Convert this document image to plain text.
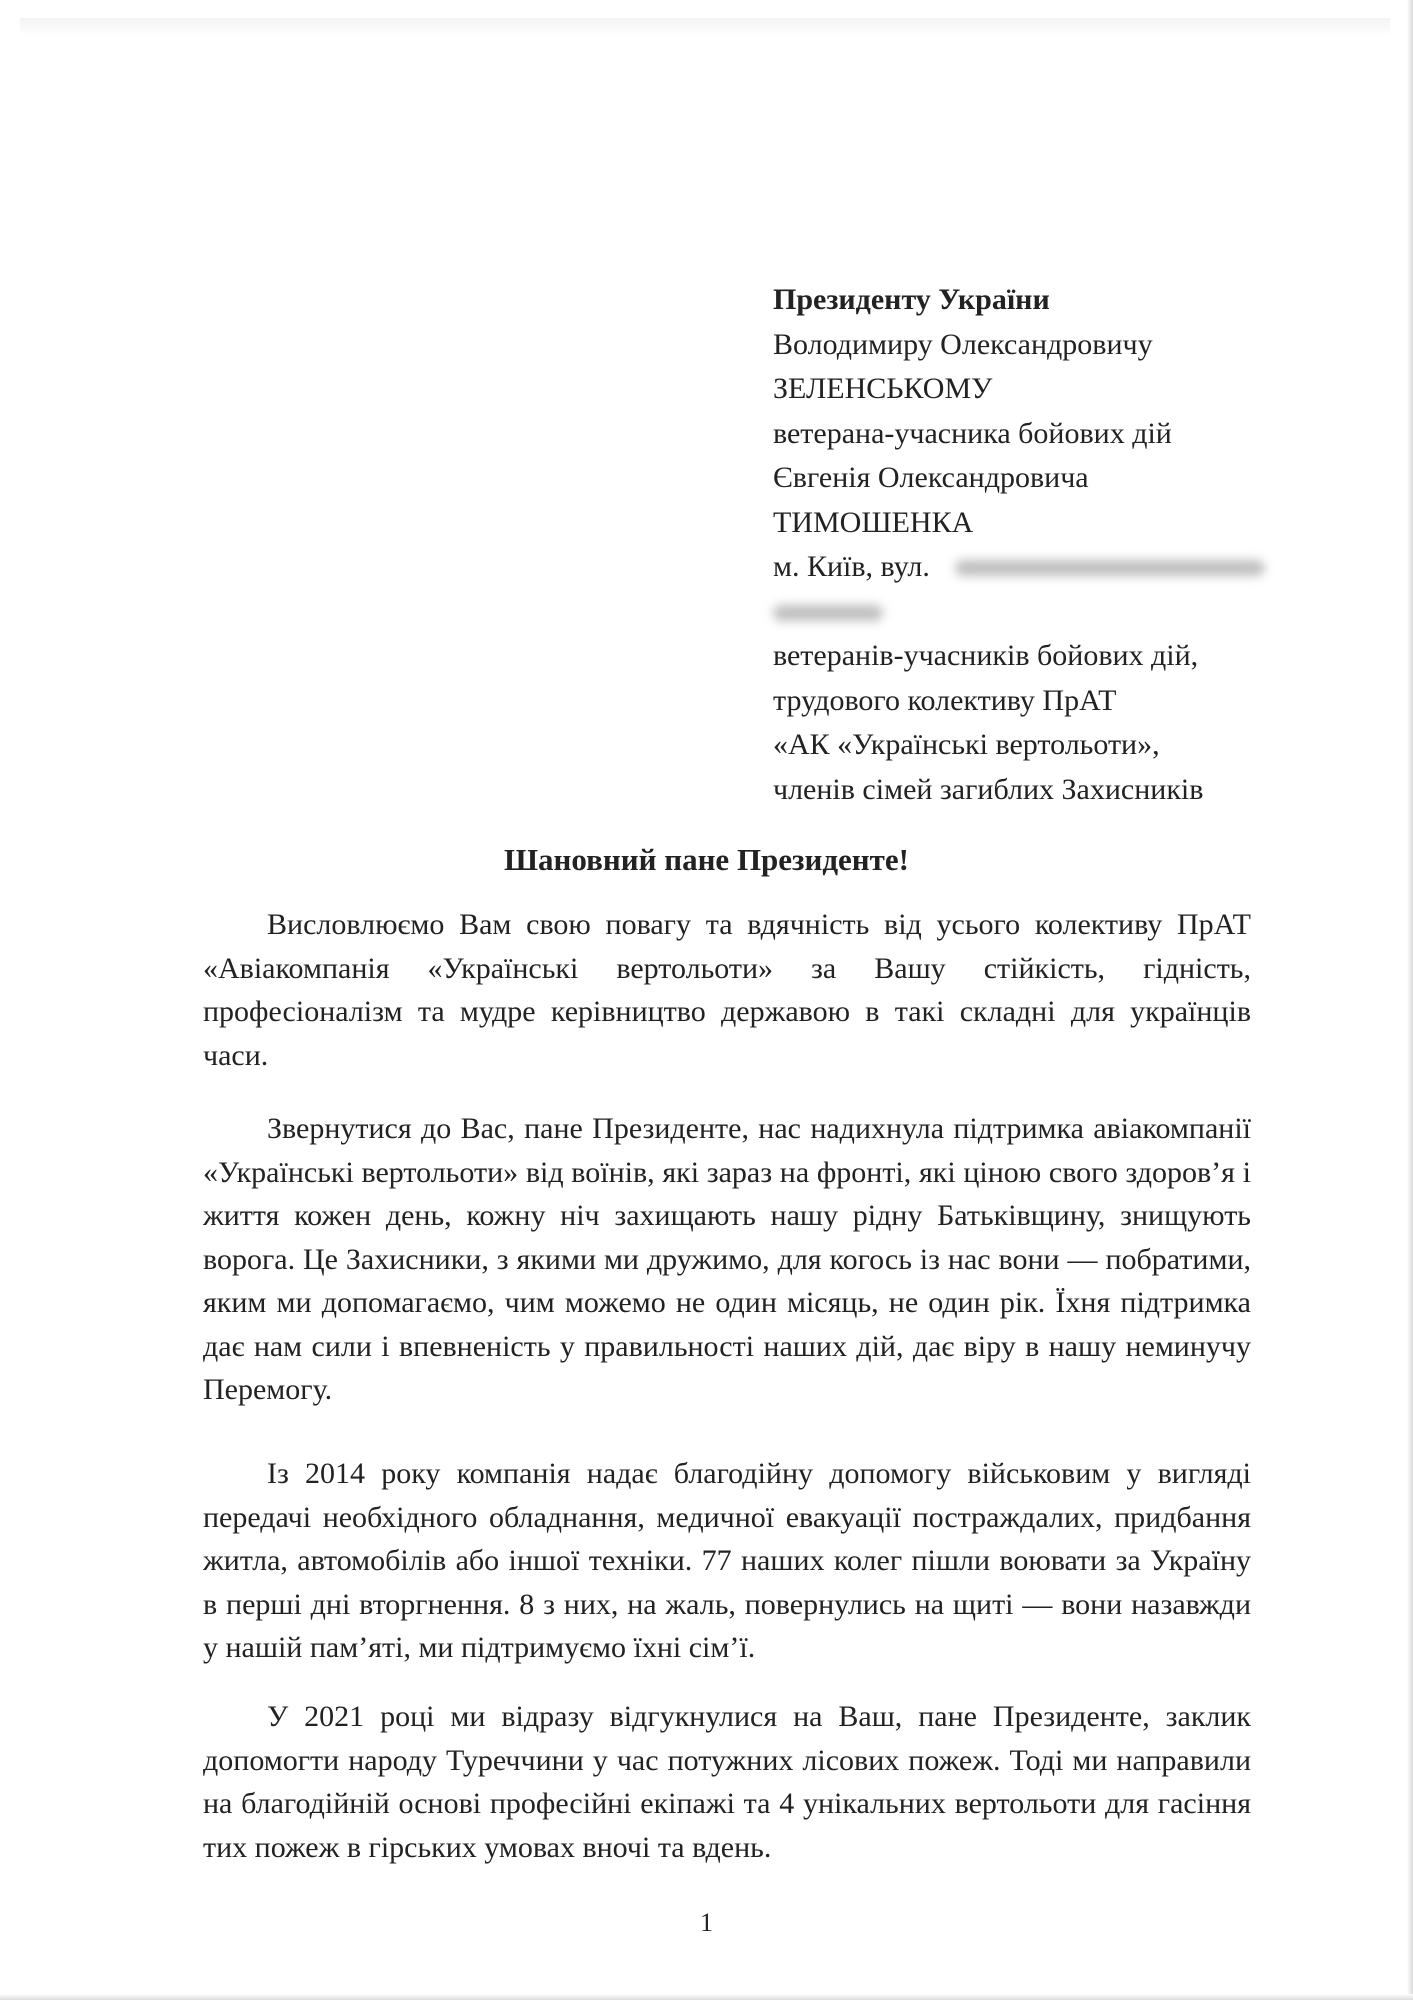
Президенту України
Володимиру Олександровичу
ЗЕЛЕНСЬКОМУ
ветерана-учасника бойових дій
Євгенія Олександровича
ТИМОШЕНКА
м. Київ, вул.
ветеранів-учасників бойових дій,
трудового колективу ПрАТ
«АК «Українські вертольоти»,
членів сімей загиблих Захисників
Шановний пане Президенте!

Висловлюємо Вам свою повагу та вдячність від усього колективу ПрАТ «Авіакомпанія «Українські вертольоти» за Вашу стійкість, гідність, професіоналізм та мудре керівництво державою в такі складні для українців часи.

Звернутися до Вас, пане Президенте, нас надихнула підтримка авіакомпанії «Українські вертольоти» від воїнів, які зараз на фронті, які ціною свого здоров’я і життя кожен день, кожну ніч захищають нашу рідну Батьківщину, знищують ворога. Це Захисники, з якими ми дружимо, для когось із нас вони — побратими, яким ми допомагаємо, чим можемо не один місяць, не один рік. Їхня підтримка дає нам сили і впевненість у правильності наших дій, дає віру в нашу неминучу Перемогу.

Із 2014 року компанія надає благодійну допомогу військовим у вигляді передачі необхідного обладнання, медичної евакуації постраждалих, придбання житла, автомобілів або іншої техніки. 77 наших колег пішли воювати за Україну в перші дні вторгнення. 8 з них, на жаль, повернулись на щиті — вони назавжди у нашій пам’яті, ми підтримуємо їхні сім’ї.

У 2021 році ми відразу відгукнулися на Ваш, пане Президенте, заклик допомогти народу Туреччини у час потужних лісових пожеж. Тоді ми направили на благодійній основі професійні екіпажі та 4 унікальних вертольоти для гасіння тих пожеж в гірських умовах вночі та вдень.

1
